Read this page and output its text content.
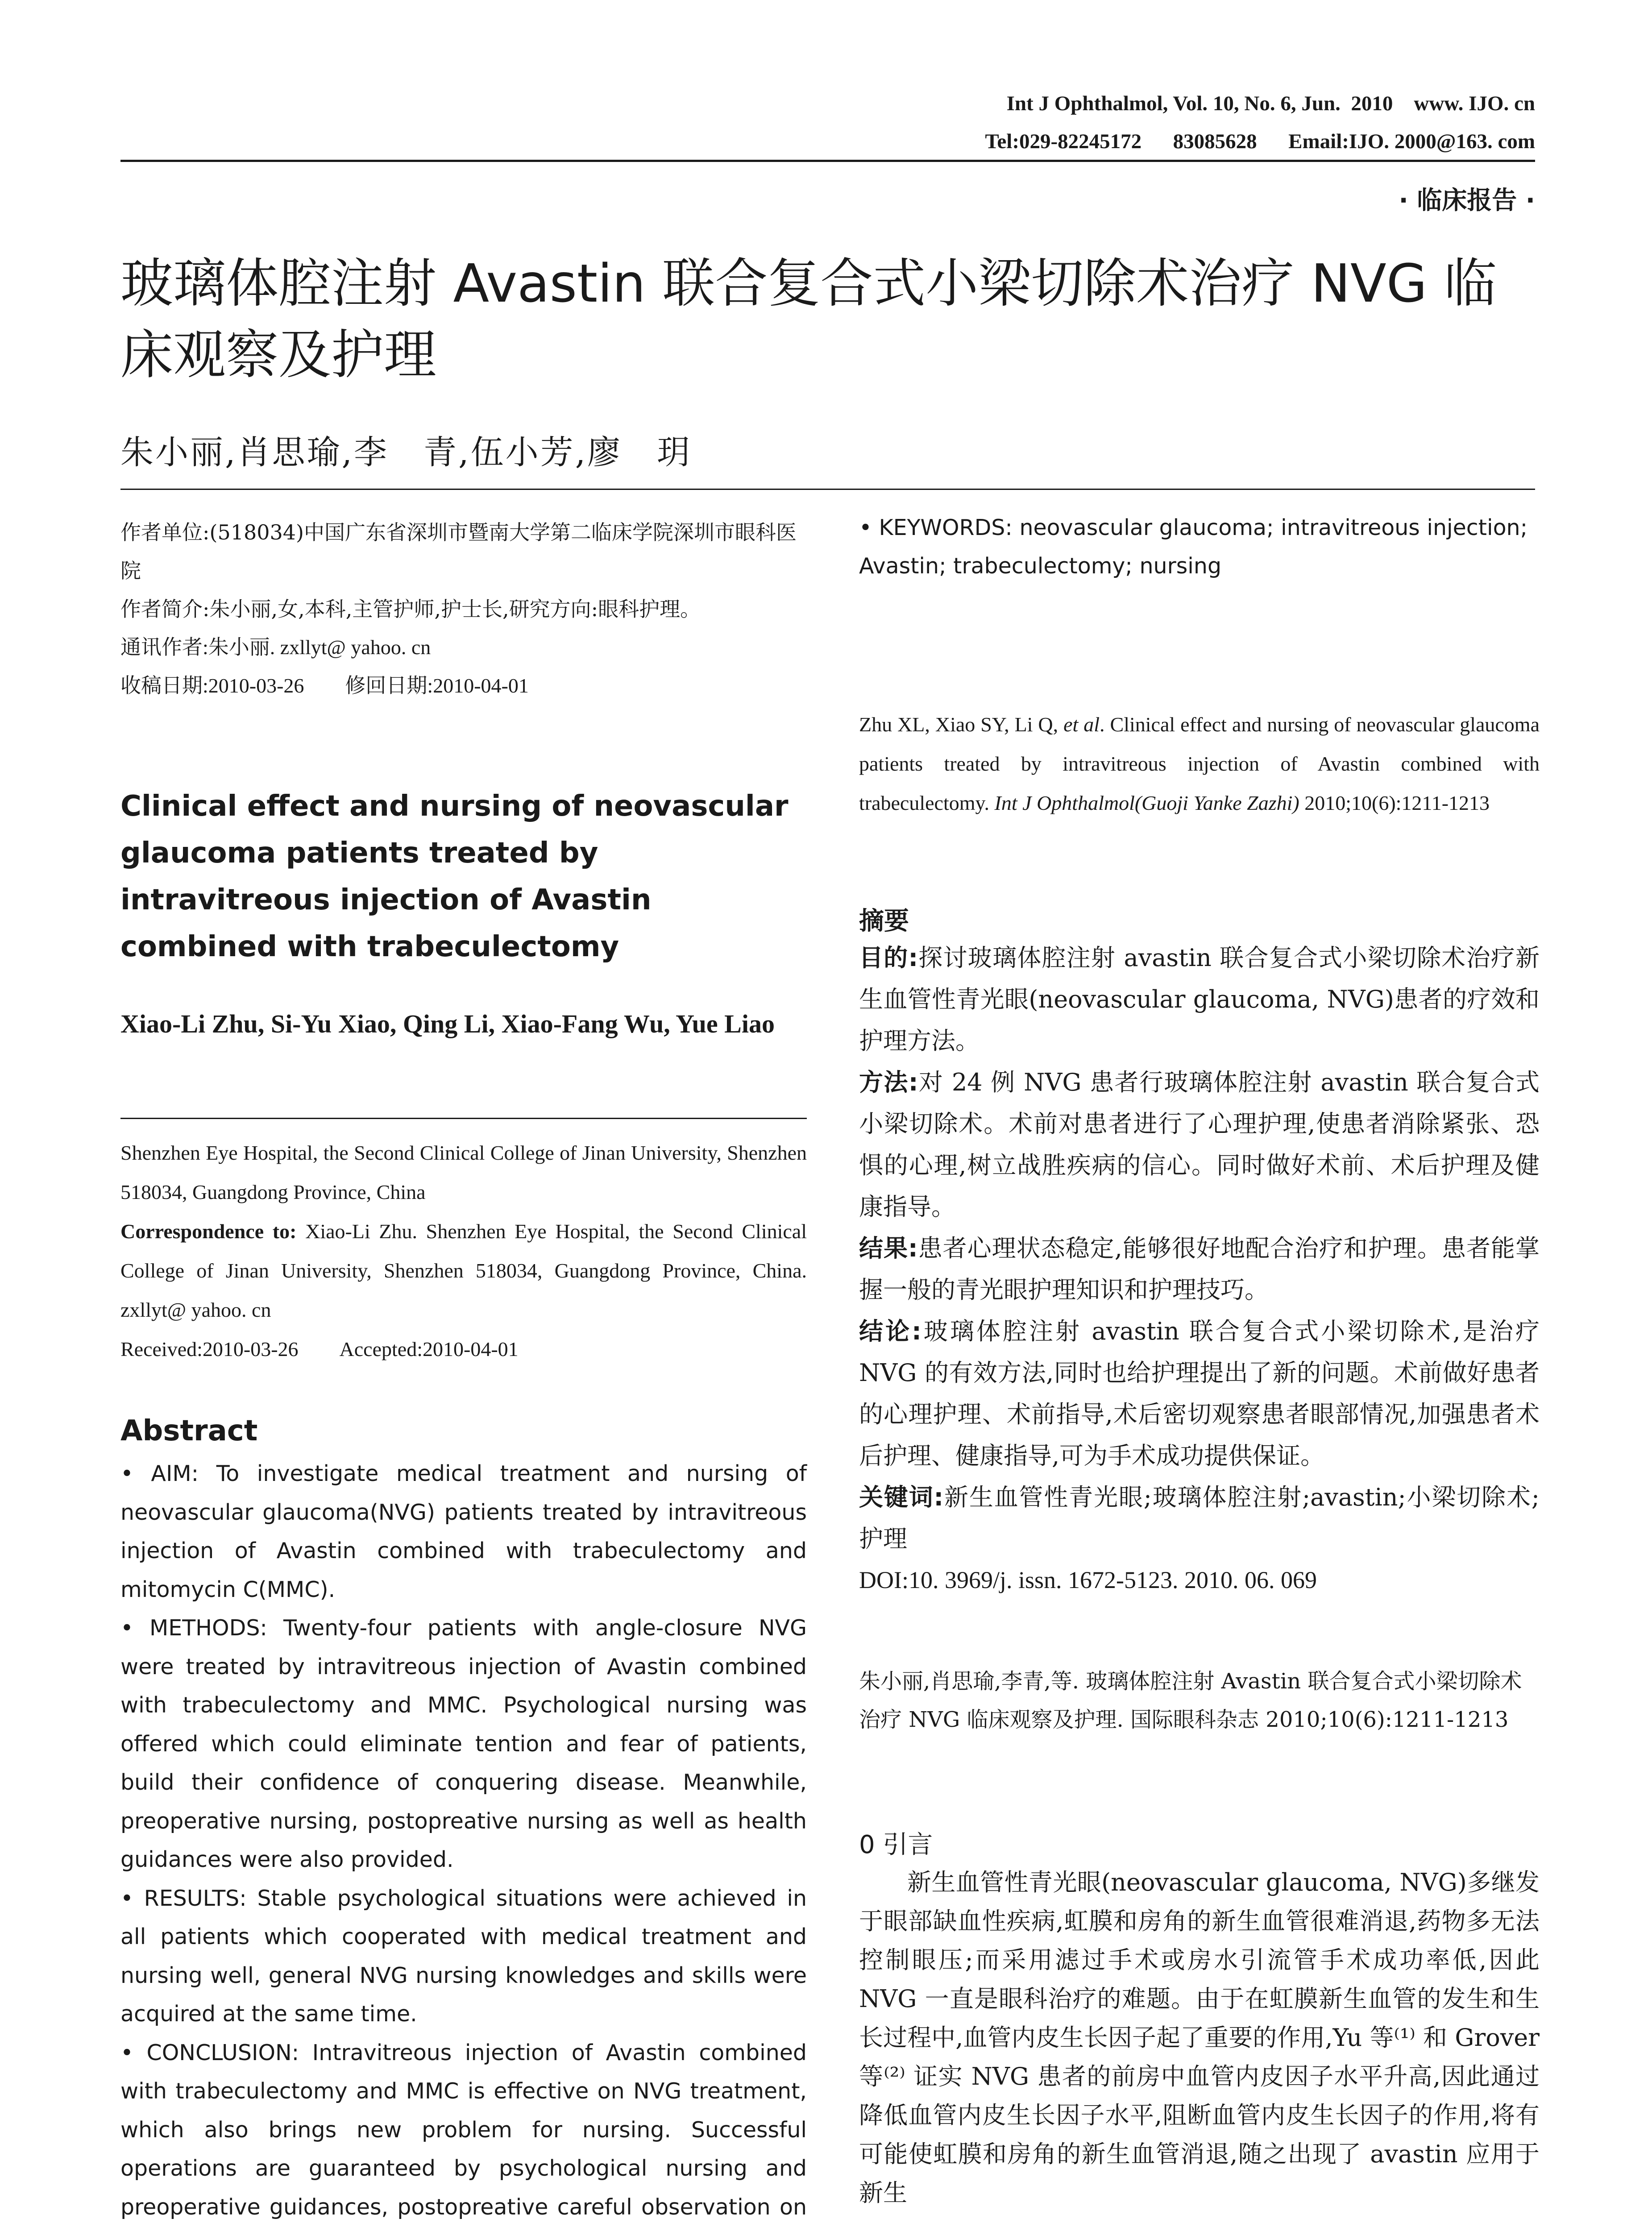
Int J Ophthalmol, Vol. 10, No. 6, Jun.  2010    www. IJO. cn
Tel:029-82245172      83085628      Email:IJO. 2000@163. com
· 临床报告 ·
玻璃体腔注射 Avastin 联合复合式小梁切除术治疗 NVG 临床观察及护理
朱小丽,肖思瑜,李　青,伍小芳,廖　玥

作者单位:(518034)中国广东省深圳市暨南大学第二临床学院深圳市眼科医院

作者简介:朱小丽,女,本科,主管护师,护士长,研究方向:眼科护理。

通讯作者:朱小丽. zxllyt@ yahoo. cn

收稿日期:2010-03-26　　修回日期:2010-04-01

Clinical effect and nursing of neovascular glaucoma patients treated by intravitreous injection of Avastin combined with trabeculectomy
Xiao-Li Zhu, Si-Yu Xiao, Qing Li, Xiao-Fang Wu, Yue Liao

Shenzhen Eye Hospital, the Second Clinical College of Jinan University, Shenzhen 518034, Guangdong Province, China

Correspondence to: Xiao-Li Zhu. Shenzhen Eye Hospital, the Second Clinical College of Jinan University, Shenzhen 518034, Guangdong Province, China. zxllyt@ yahoo. cn

Received:2010-03-26　　Accepted:2010-04-01

Abstract

• AIM: To investigate medical treatment and nursing of neovascular glaucoma(NVG) patients treated by intravitreous injection of Avastin combined with trabeculectomy and mitomycin C(MMC).

• METHODS: Twenty-four patients with angle-closure NVG were treated by intravitreous injection of Avastin combined with trabeculectomy and MMC. Psychological nursing was offered which could eliminate tention and fear of patients, build their confidence of conquering disease. Meanwhile, preoperative nursing, postopreative nursing as well as health guidances were also provided.

• RESULTS: Stable psychological situations were achieved in all patients which cooperated with medical treatment and nursing well, general NVG nursing knowledges and skills were acquired at the same time.

• CONCLUSION: Intravitreous injection of Avastin combined with trabeculectomy and MMC is effective on NVG treatment, which also brings new problem for nursing. Successful operations are guaranteed by psychological nursing and preoperative guidances, postopreative careful observation on

• KEYWORDS: neovascular glaucoma; intravitreous injection; Avastin; trabeculectomy; nursing

Zhu XL, Xiao SY, Li Q, et al. Clinical effect and nursing of neovascular glaucoma patients treated by intravitreous injection of Avastin combined with trabeculectomy. Int J Ophthalmol(Guoji Yanke Zazhi) 2010;10(6):1211-1213
摘要

目的:探讨玻璃体腔注射 avastin 联合复合式小梁切除术治疗新生血管性青光眼(neovascular glaucoma, NVG)患者的疗效和护理方法。

方法:对 24 例 NVG 患者行玻璃体腔注射 avastin 联合复合式小梁切除术。术前对患者进行了心理护理,使患者消除紧张、恐惧的心理,树立战胜疾病的信心。同时做好术前、术后护理及健康指导。

结果:患者心理状态稳定,能够很好地配合治疗和护理。患者能掌握一般的青光眼护理知识和护理技巧。

结论:玻璃体腔注射 avastin 联合复合式小梁切除术,是治疗 NVG 的有效方法,同时也给护理提出了新的问题。术前做好患者的心理护理、术前指导,术后密切观察患者眼部情况,加强患者术后护理、健康指导,可为手术成功提供保证。

关键词:新生血管性青光眼;玻璃体腔注射;avastin;小梁切除术;护理

DOI:10. 3969/j. issn. 1672-5123. 2010. 06. 069

朱小丽,肖思瑜,李青,等. 玻璃体腔注射 Avastin 联合复合式小梁切除术治疗 NVG 临床观察及护理. 国际眼科杂志 2010;10(6):1211-1213
0 引言
新生血管性青光眼(neovascular glaucoma, NVG)多继发于眼部缺血性疾病,虹膜和房角的新生血管很难消退,药物多无法控制眼压;而采用滤过手术或房水引流管手术成功率低,因此 NVG 一直是眼科治疗的难题。由于在虹膜新生血管的发生和生长过程中,血管内皮生长因子起了重要的作用,Yu 等⁽¹⁾ 和 Grover 等⁽²⁾ 证实 NVG 患者的前房中血管内皮因子水平升高,因此通过降低血管内皮生长因子水平,阻断血管内皮生长因子的作用,将有可能使虹膜和房角的新生血管消退,随之出现了 avastin 应用于新生
